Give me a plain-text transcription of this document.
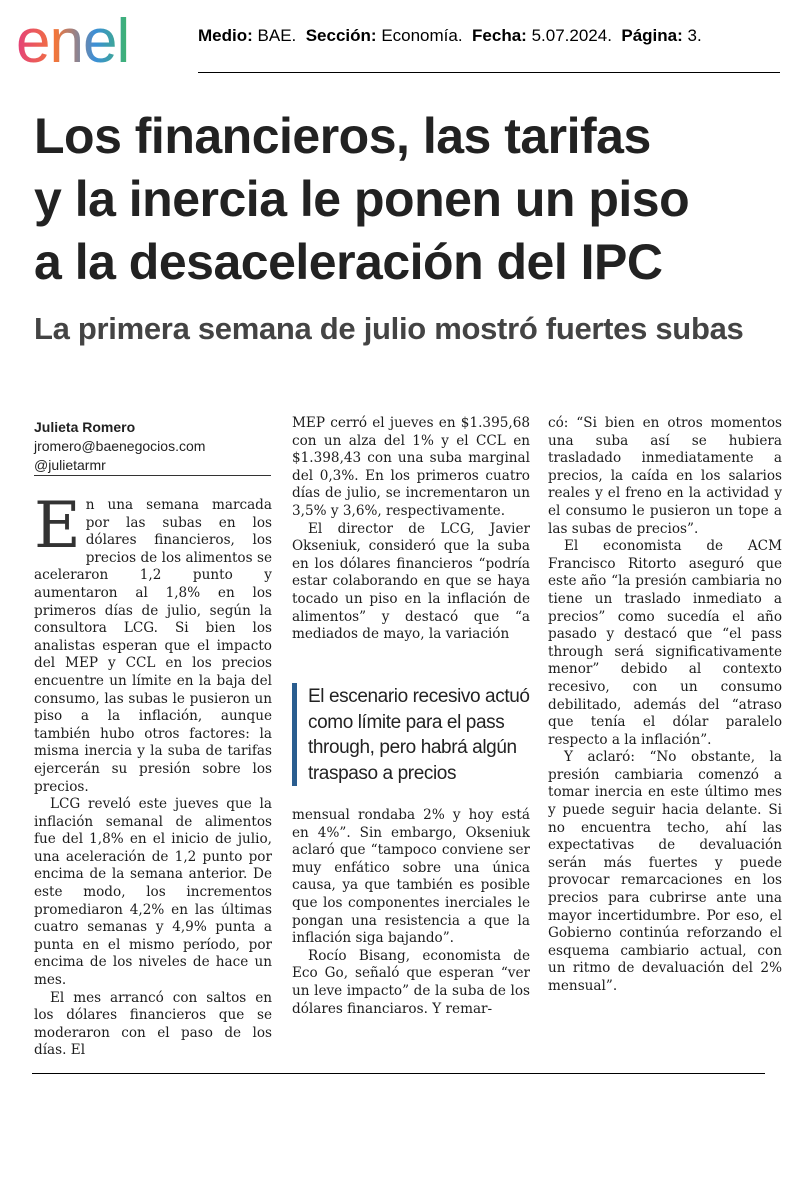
enel	Medio: BAE. Sección: Economía. Fecha: 5.07.2024. Página: 3.
Los financieros, las tarifas
y la inercia le ponen un piso
a la desaceleración del IPC
La primera semana de julio mostró fuertes subas
Julieta Romero
jromero@baenegocios.com
@julietarmr

En una semana marcada por las subas en los dólares financieros, los precios de los alimentos se aceleraron 1,2 punto y aumentaron al 1,8% en los primeros días de julio, según la consultora LCG. Si bien los analistas esperan que el impacto del MEP y CCL en los precios encuentre un límite en la baja del consumo, las subas le pusieron un piso a la inflación, aunque también hubo otros factores: la misma inercia y la suba de tarifas ejercerán su presión sobre los precios.

LCG reveló este jueves que la inflación semanal de alimentos fue del 1,8% en el inicio de julio, una aceleración de 1,2 punto por encima de la semana anterior. De este modo, los incrementos promediaron 4,2% en las últimas cuatro semanas y 4,9% punta a punta en el mismo período, por encima de los niveles de hace un mes.

El mes arrancó con saltos en los dólares financieros que se moderaron con el paso de los días. El

MEP cerró el jueves en $1.395,68 con un alza del 1% y el CCL en $1.398,43 con una suba marginal del 0,3%. En los primeros cuatro días de julio, se incrementaron un 3,5% y 3,6%, respectivamente.

El director de LCG, Javier Okseniuk, consideró que la suba en los dólares financieros “podría estar colaborando en que se haya tocado un piso en la inflación de alimentos” y destacó que “a mediados de mayo, la variación

El escenario recesivo actuó como límite para el pass through, pero habrá algún traspaso a precios

mensual rondaba 2% y hoy está en 4%”. Sin embargo, Okseniuk aclaró que “tampoco conviene ser muy enfático sobre una única causa, ya que también es posible que los componentes inerciales le pongan una resistencia a que la inflación siga bajando”.

Rocío Bisang, economista de Eco Go, señaló que esperan “ver un leve impacto” de la suba de los dólares financiaros. Y remar-

có: “Si bien en otros momentos una suba así se hubiera trasladado inmediatamente a precios, la caída en los salarios reales y el freno en la actividad y el consumo le pusieron un tope a las subas de precios”.

El economista de ACM Francisco Ritorto aseguró que este año “la presión cambiaria no tiene un traslado inmediato a precios” como sucedía el año pasado y destacó que “el pass through será significativamente menor” debido al contexto recesivo, con un consumo debilitado, además del “atraso que tenía el dólar paralelo respecto a la inflación”.

Y aclaró: “No obstante, la presión cambiaria comenzó a tomar inercia en este último mes y puede seguir hacia delante. Si no encuentra techo, ahí las expectativas de devaluación serán más fuertes y puede provocar remarcaciones en los precios para cubrirse ante una mayor incertidumbre. Por eso, el Gobierno continúa reforzando el esquema cambiario actual, con un ritmo de devaluación del 2% mensual”.
